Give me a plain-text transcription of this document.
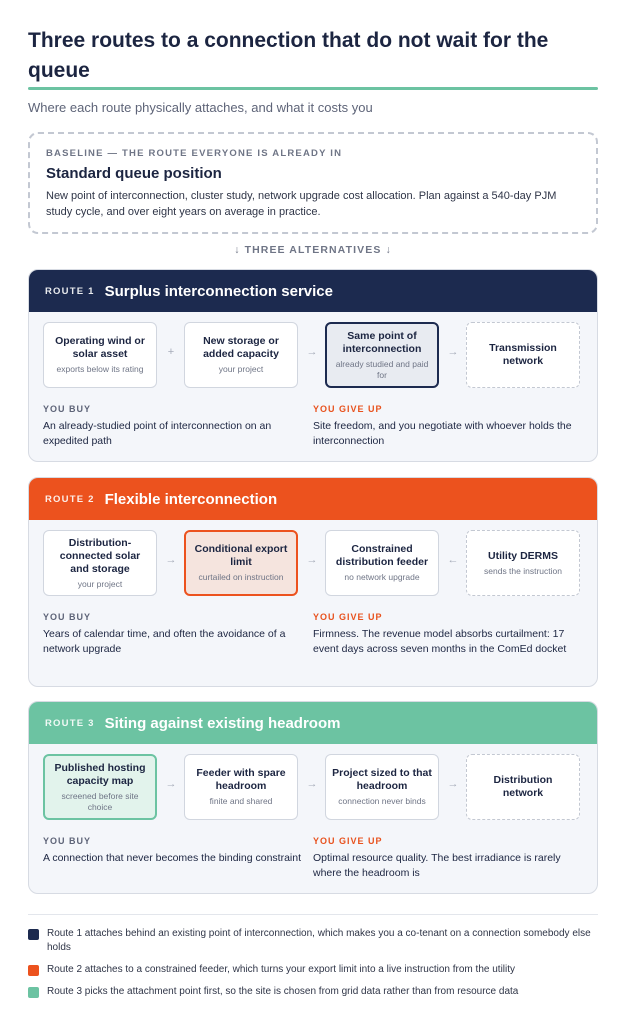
Three routes to a connection that do not wait for the queue

Where each route physically attaches, and what it costs you

BASELINE — THE ROUTE EVERYONE IS ALREADY IN
Standard queue position
New point of interconnection, cluster study, network upgrade cost allocation. Plan against a 540-day PJM study cycle, and over eight years on average in practice.
↓ THREE ALTERNATIVES ↓
ROUTE 1 Surplus interconnection service
Operating wind or solar asset
exports below its rating
+
New storage or added capacity
your project
→
Same point of interconnection
already studied and paid for
→	Transmission network
YOU BUY
An already-studied point of interconnection on an expedited path
YOU GIVE UP
Site freedom, and you negotiate with whoever holds the interconnection
ROUTE 2 Flexible interconnection
Distribution-connected solar and storage
your project
→
Conditional export limit
curtailed on instruction
→
Constrained distribution feeder
no network upgrade
←	Utility DERMS
sends the instruction
YOU BUY
Years of calendar time, and often the avoidance of a network upgrade
YOU GIVE UP
Firmness. The revenue model absorbs curtailment: 17 event days across seven months in the ComEd docket
ROUTE 3 Siting against existing headroom
Published hosting capacity map
screened before site choice
→
Feeder with spare headroom
finite and shared
→
Project sized to that headroom
connection never binds
→	Distribution network
YOU BUY
A connection that never becomes the binding constraint
YOU GIVE UP
Optimal resource quality. The best irradiance is rarely where the headroom is
Route 1 attaches behind an existing point of interconnection, which makes you a co-tenant on a connection somebody else holds
Route 2 attaches to a constrained feeder, which turns your export limit into a live instruction from the utility
Route 3 picks the attachment point first, so the site is chosen from grid data rather than from resource data
